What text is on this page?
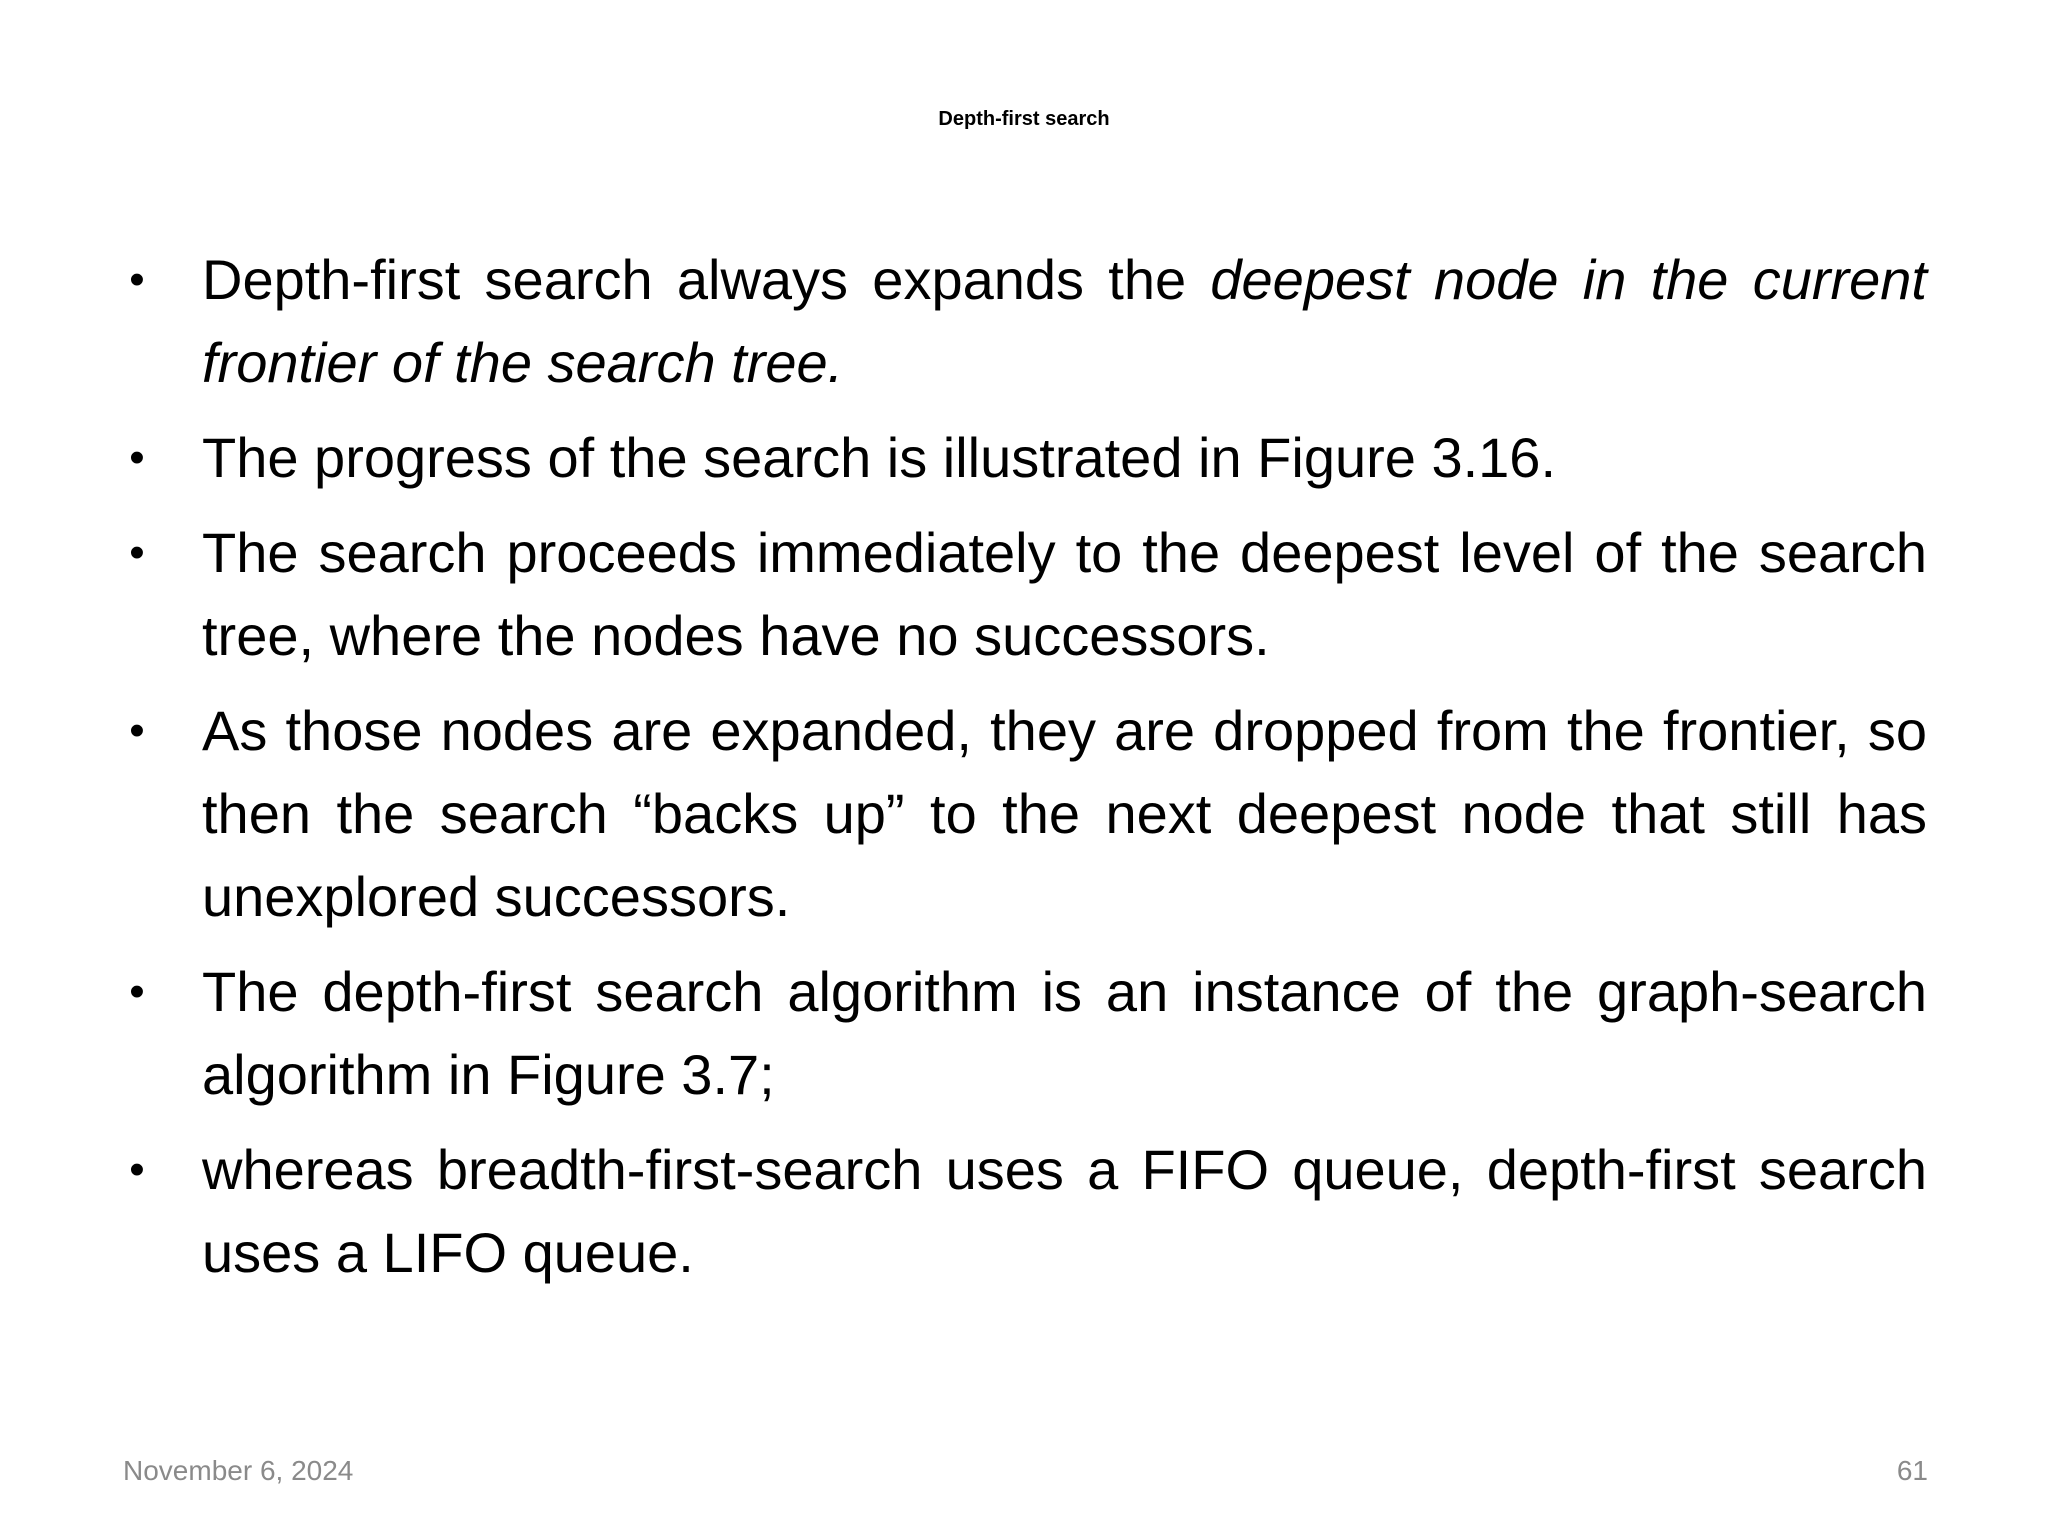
Depth-first search
• Depth-first search always expands the deepest node in the current frontier of the search tree.
• The progress of the search is illustrated in Figure 3.16.
• The search proceeds immediately to the deepest level of the search tree, where the nodes have no successors.
• As those nodes are expanded, they are dropped from the frontier, so then the search “backs up” to the next deepest node that still has unexplored successors.
• The depth-first search algorithm is an instance of the graph-search algorithm in Figure 3.7;
• whereas breadth-first-search uses a FIFO queue, depth-first search uses a LIFO queue.
November 6, 2024	61
